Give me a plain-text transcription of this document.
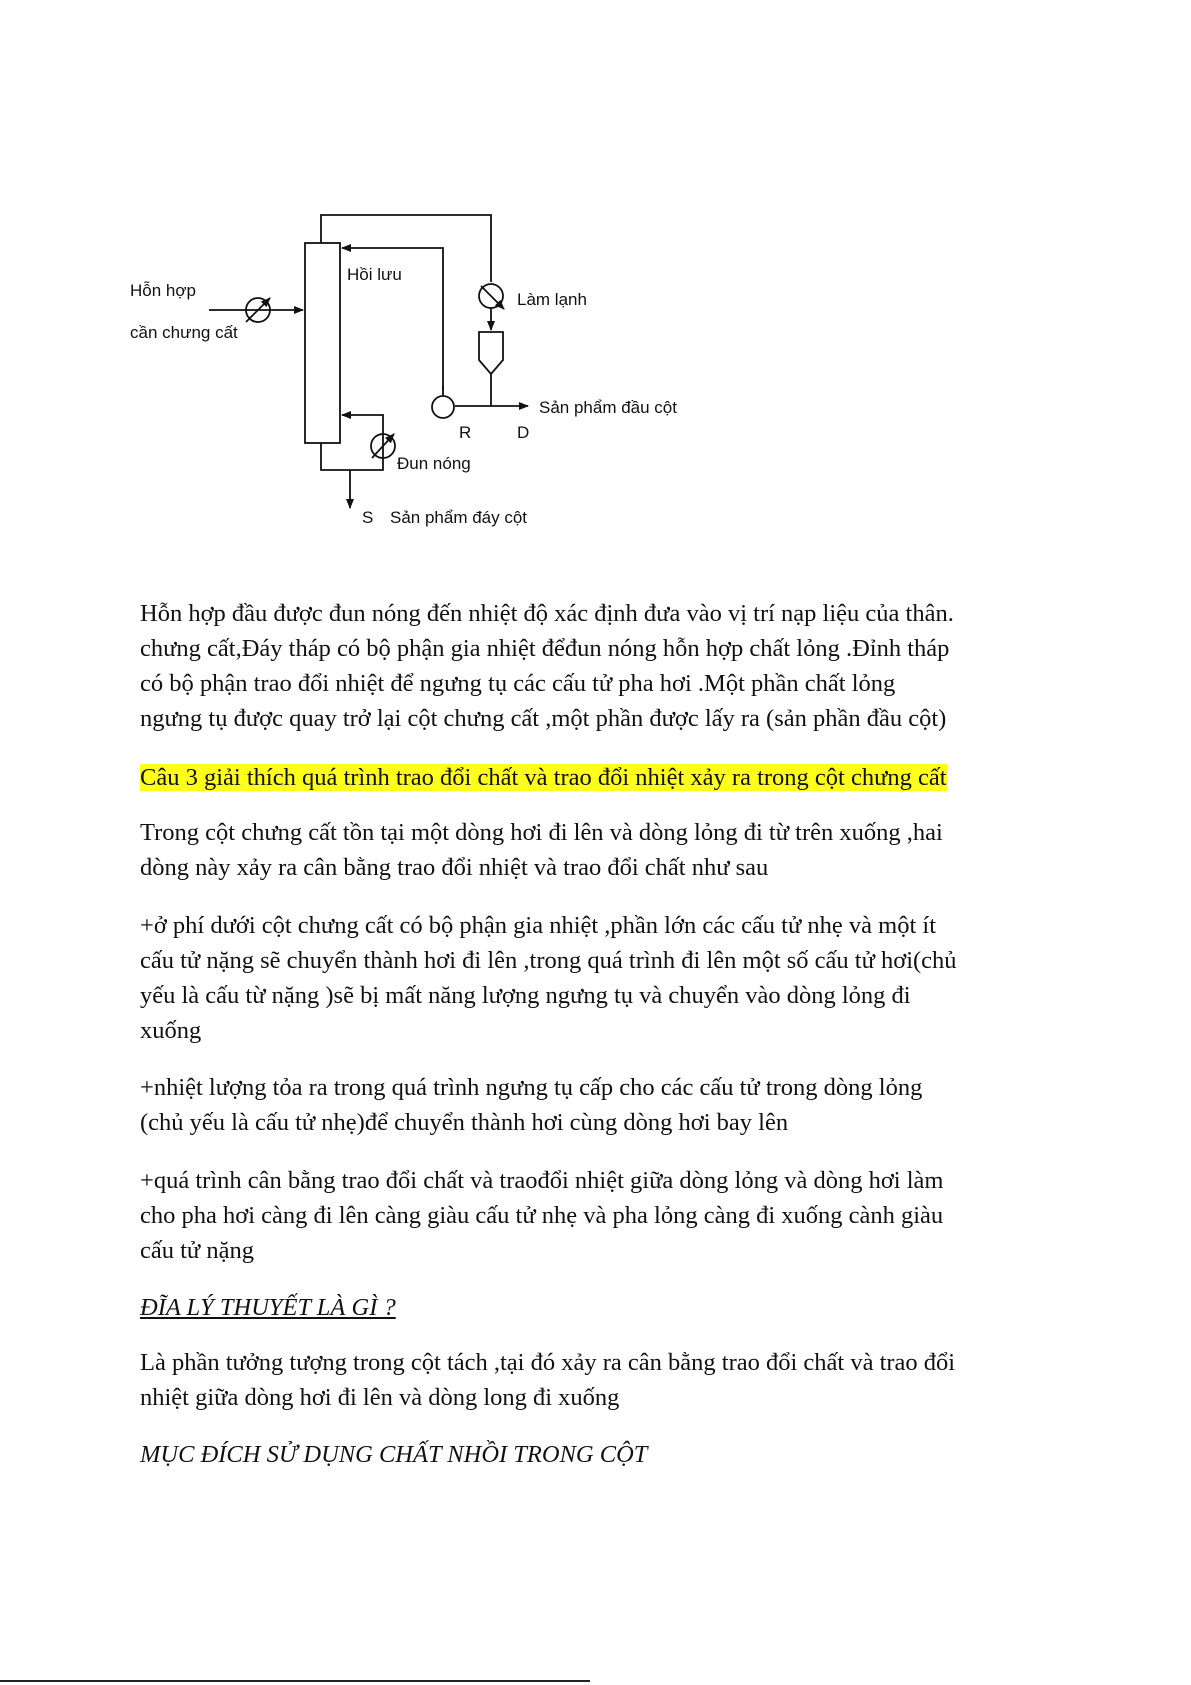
Hỗn hợp
cần chưng cất
Hồi lưu
Làm lạnh
Sản phẩm đầu cột
R	D
Đun nóng
S Sản phẩm đáy cột

Hỗn hợp đầu được đun nóng đến nhiệt độ xác định đưa vào vị trí nạp liệu của thân.
chưng cất,Đáy tháp có bộ phận gia nhiệt đểđun nóng hỗn hợp chất lỏng .Đỉnh tháp
có bộ phận trao đổi nhiệt để ngưng tụ các cấu tử pha hơi .Một phần chất lỏng
ngưng tụ được quay trở lại cột chưng cất ,một phần được lấy ra (sản phần đầu cột)

Câu 3 giải thích quá trình trao đổi chất và trao đổi nhiệt xảy ra trong cột chưng cất

Trong cột chưng cất tồn tại một dòng hơi đi lên và dòng lỏng đi từ trên xuống ,hai
dòng này xảy ra cân bằng trao đổi nhiệt và trao đổi chất như sau

+ở phí dưới cột chưng cất có bộ phận gia nhiệt ,phần lớn các cấu tử nhẹ và một ít
cấu tử nặng sẽ chuyển thành hơi đi lên ,trong quá trình đi lên một số cấu tử hơi(chủ
yếu là cấu từ nặng )sẽ bị mất năng lượng ngưng tụ và chuyển vào dòng lỏng đi
xuống

+nhiệt lượng tỏa ra trong quá trình ngưng tụ cấp cho các cấu tử trong dòng lỏng
(chủ yếu là cấu tử nhẹ)để chuyển thành hơi cùng dòng hơi bay lên

+quá trình cân bằng trao đổi chất và traođổi nhiệt giữa dòng lỏng và dòng hơi làm
cho pha hơi càng đi lên càng giàu cấu tử nhẹ và pha lỏng càng đi xuống cành giàu
cấu tử nặng

ĐĨA LÝ THUYẾT LÀ GÌ ?

Là phần tưởng tượng trong cột tách ,tại đó xảy ra cân bằng trao đổi chất và trao đổi
nhiệt giữa dòng hơi đi lên và dòng long đi xuống

MỤC ĐÍCH SỬ DỤNG CHẤT NHỒI TRONG CỘT
